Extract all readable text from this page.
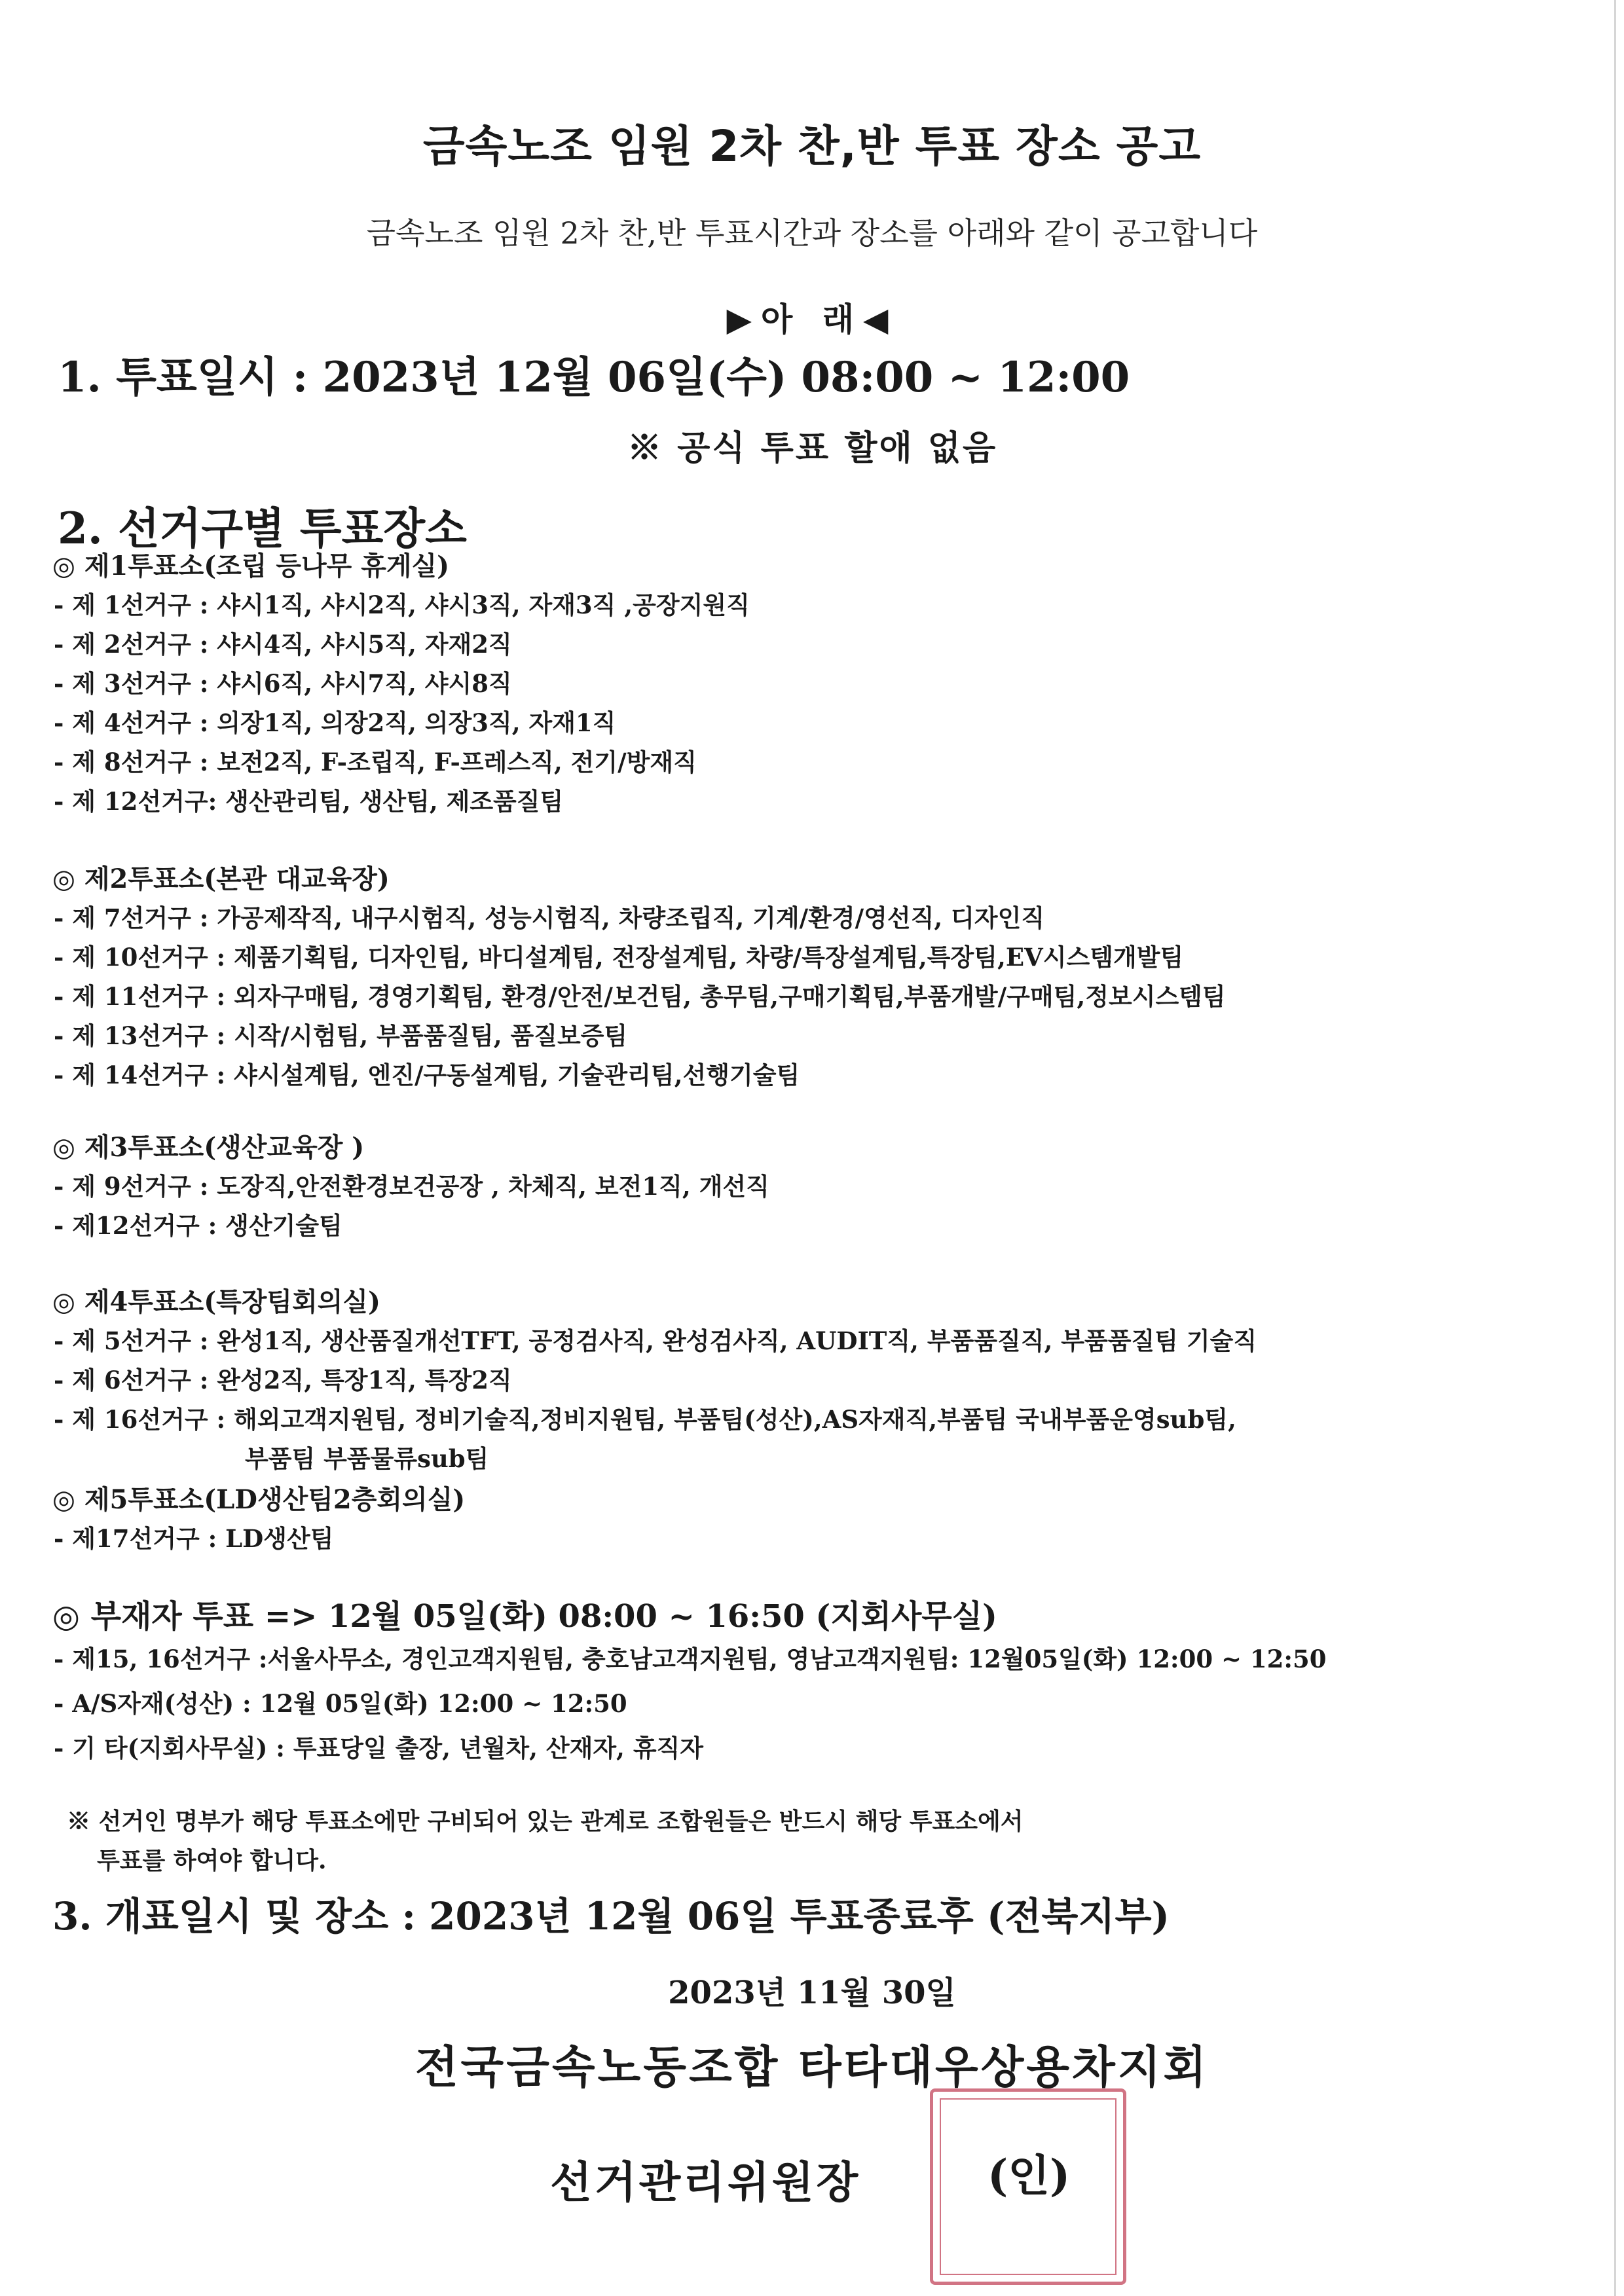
금속노조 임원 2차 찬,반 투표 장소 공고
금속노조 임원 2차 찬,반 투표시간과 장소를 아래와 같이 공고합니다
▶아 래◀
1. 투표일시 : 2023년 12월 06일(수) 08:00 ~ 12:00
※ 공식 투표 할애 없음
2. 선거구별 투표장소
◎ 제1투표소(조립 등나무 휴게실)
- 제 1선거구 : 샤시1직, 샤시2직, 샤시3직, 자재3직 ,공장지원직
- 제 2선거구 : 샤시4직, 샤시5직, 자재2직
- 제 3선거구 : 샤시6직, 샤시7직, 샤시8직
- 제 4선거구 : 의장1직, 의장2직, 의장3직, 자재1직
- 제 8선거구 : 보전2직, F-조립직, F-프레스직, 전기/방재직
- 제 12선거구: 생산관리팀, 생산팀, 제조품질팀
◎ 제2투표소(본관 대교육장)
- 제 7선거구 : 가공제작직, 내구시험직, 성능시험직, 차량조립직, 기계/환경/영선직, 디자인직
- 제 10선거구 : 제품기획팀, 디자인팀, 바디설계팀, 전장설계팀, 차량/특장설계팀,특장팀,EV시스템개발팀
- 제 11선거구 : 외자구매팀, 경영기획팀, 환경/안전/보건팀, 총무팀,구매기획팀,부품개발/구매팀,정보시스템팀
- 제 13선거구 : 시작/시험팀, 부품품질팀, 품질보증팀
- 제 14선거구 : 샤시설계팀, 엔진/구동설계팀, 기술관리팀,선행기술팀
◎ 제3투표소(생산교육장 )
- 제 9선거구 : 도장직,안전환경보건공장 , 차체직, 보전1직, 개선직
- 제12선거구 : 생산기술팀
◎ 제4투표소(특장팀회의실)
- 제 5선거구 : 완성1직, 생산품질개선TFT, 공정검사직, 완성검사직, AUDIT직, 부품품질직, 부품품질팀 기술직
- 제 6선거구 : 완성2직, 특장1직, 특장2직
- 제 16선거구 : 해외고객지원팀, 정비기술직,정비지원팀, 부품팀(성산),AS자재직,부품팀 국내부품운영sub팀,
부품팀 부품물류sub팀
◎ 제5투표소(LD생산팀2층회의실)
- 제17선거구 : LD생산팀
◎ 부재자 투표 => 12월 05일(화) 08:00 ~ 16:50 (지회사무실)
- 제15, 16선거구 :서울사무소, 경인고객지원팀, 충호남고객지원팀, 영남고객지원팀: 12월05일(화) 12:00 ~ 12:50
- A/S자재(성산) : 12월 05일(화) 12:00 ~ 12:50
- 기 타(지회사무실) : 투표당일 출장, 년월차, 산재자, 휴직자
※ 선거인 명부가 해당 투표소에만 구비되어 있는 관계로 조합원들은 반드시 해당 투표소에서
투표를 하여야 합니다.
3. 개표일시 및 장소 : 2023년 12월 06일 투표종료후 (전북지부)
2023년 11월 30일
전국금속노동조합 타타대우상용차지회
선거관리위원장	(인)
